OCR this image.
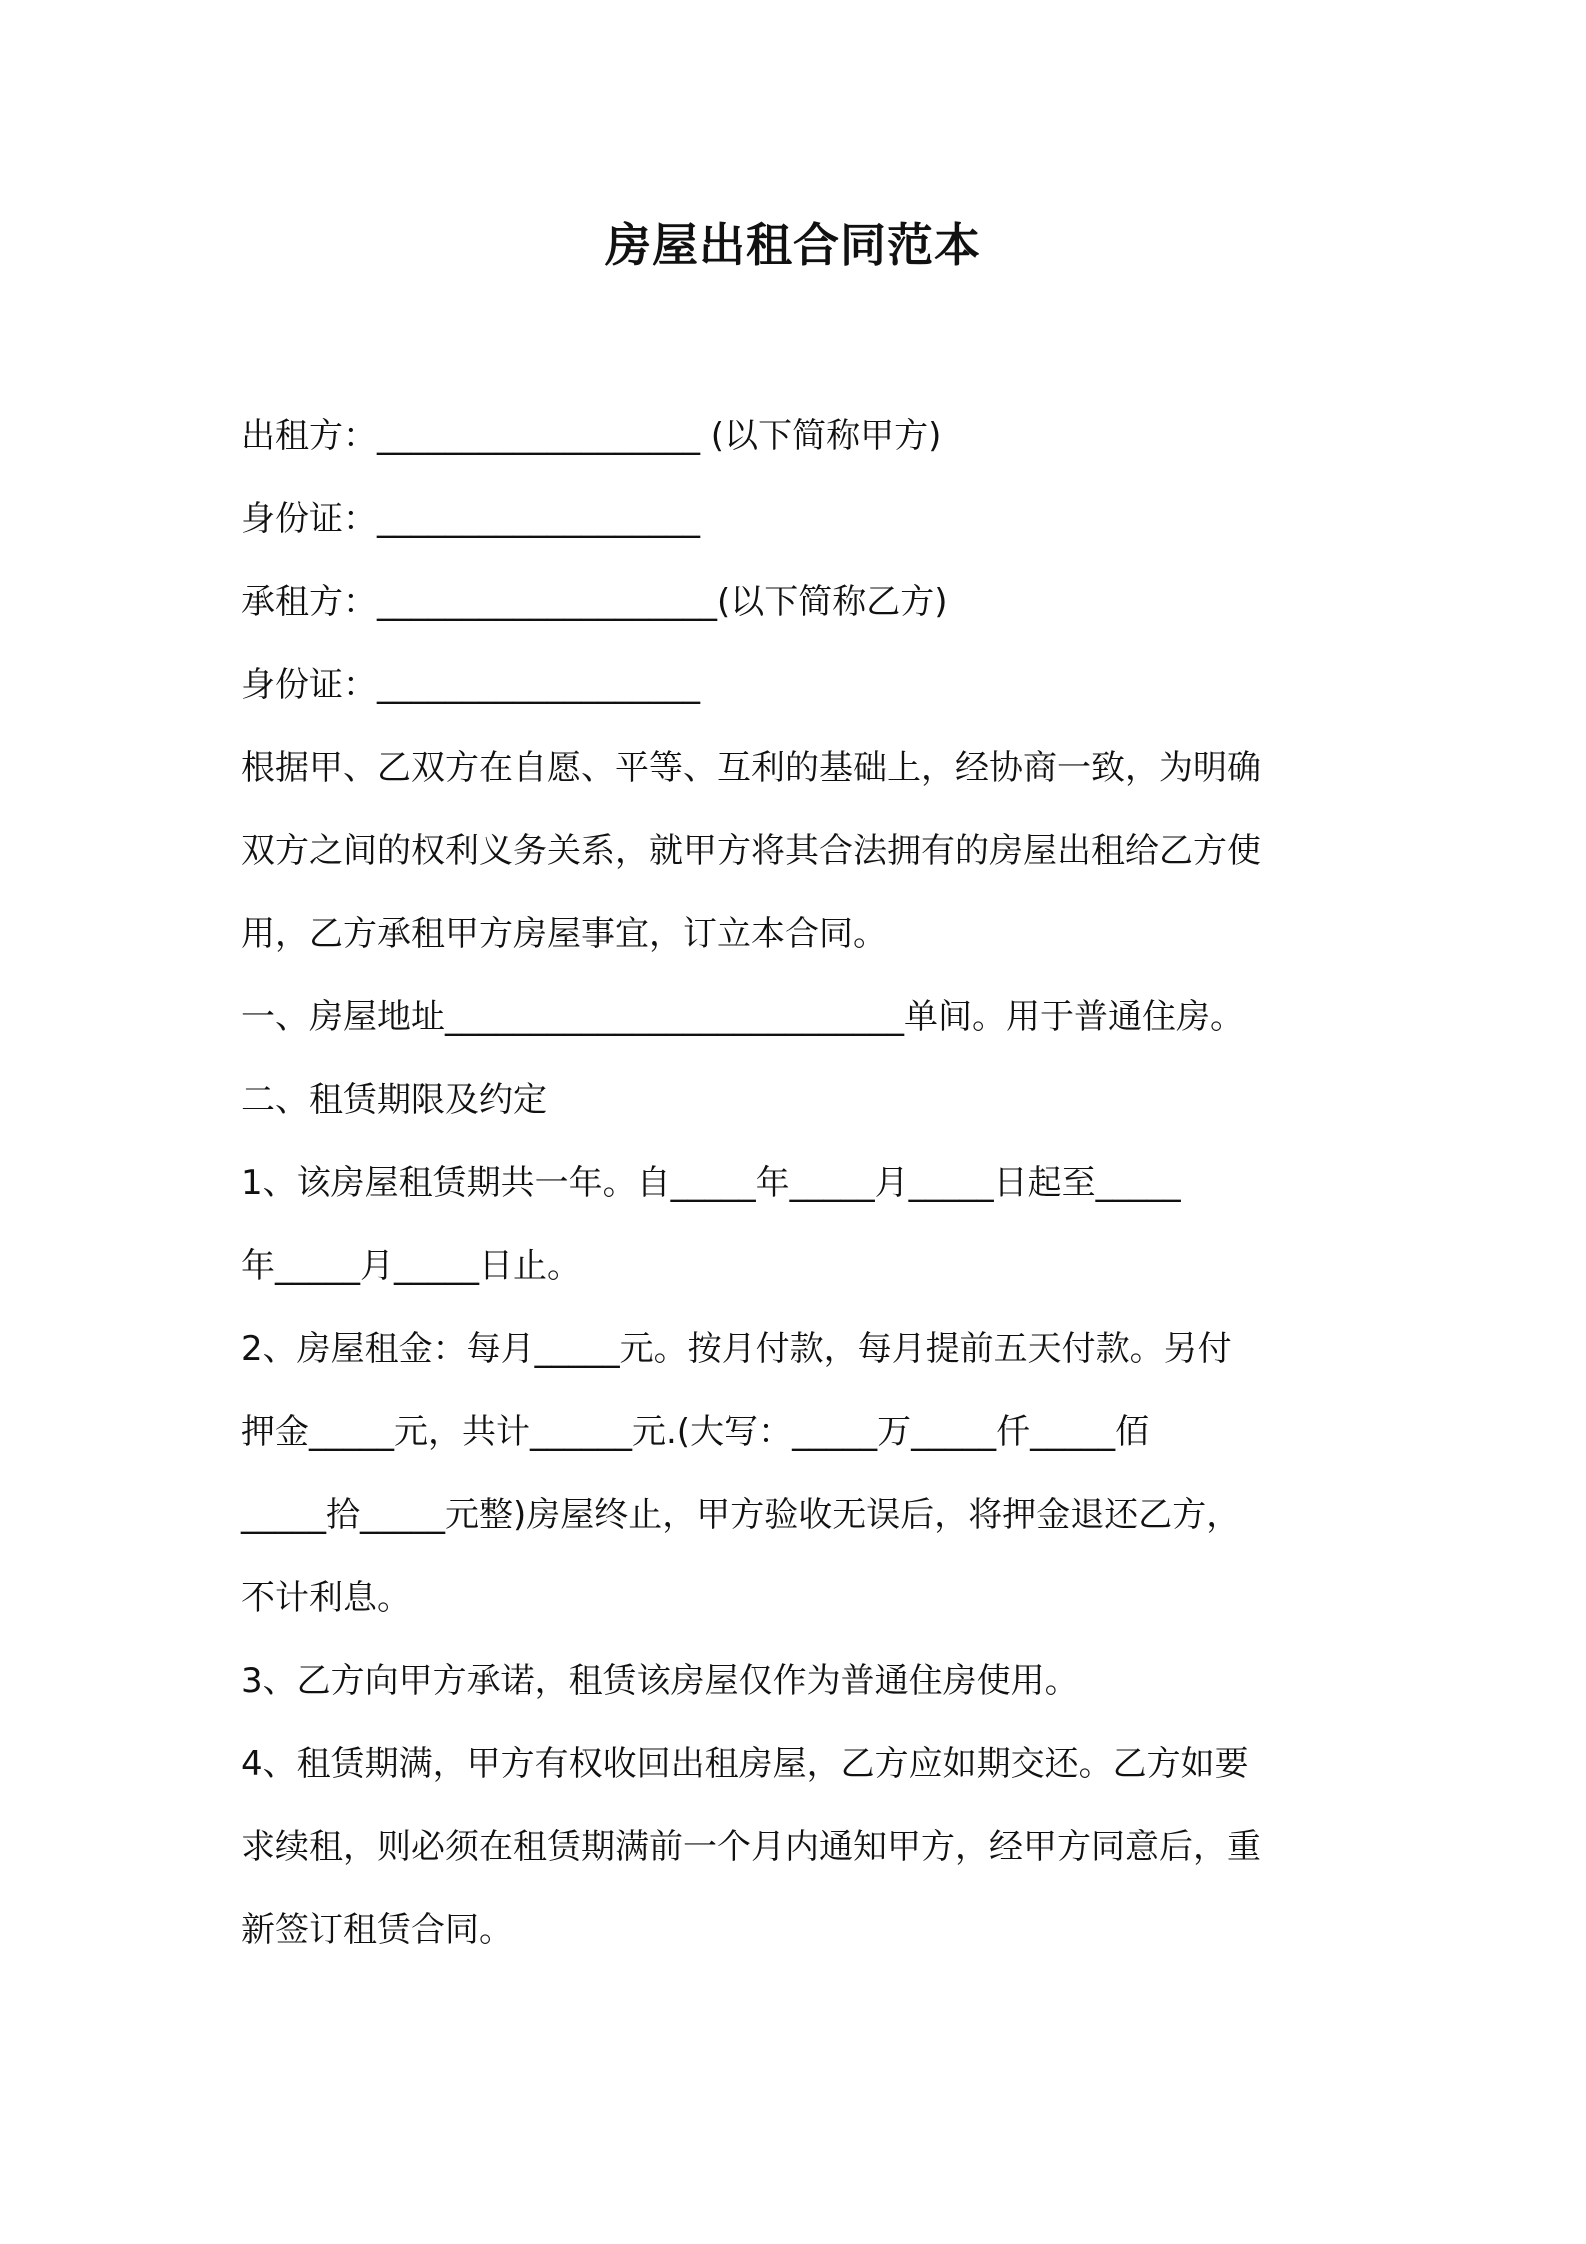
房屋出租合同范本
出租方：___________________ (以下简称甲方)
身份证：___________________
承租方：____________________(以下简称乙方)
身份证：___________________
根据甲、乙双方在自愿、平等、互利的基础上，经协商一致，为明确
双方之间的权利义务关系，就甲方将其合法拥有的房屋出租给乙方使
用，乙方承租甲方房屋事宜，订立本合同。
一、房屋地址___________________________单间。用于普通住房。
二、租赁期限及约定
1、该房屋租赁期共一年。自_____年_____月_____日起至_____
年_____月_____日止。
2、房屋租金：每月_____元。按月付款，每月提前五天付款。另付
押金_____元，共计______元.(大写：_____万_____仟_____佰
_____拾_____元整)房屋终止，甲方验收无误后，将押金退还乙方，
不计利息。
3、乙方向甲方承诺，租赁该房屋仅作为普通住房使用。
4、租赁期满，甲方有权收回出租房屋，乙方应如期交还。乙方如要
求续租，则必须在租赁期满前一个月内通知甲方，经甲方同意后，重
新签订租赁合同。
